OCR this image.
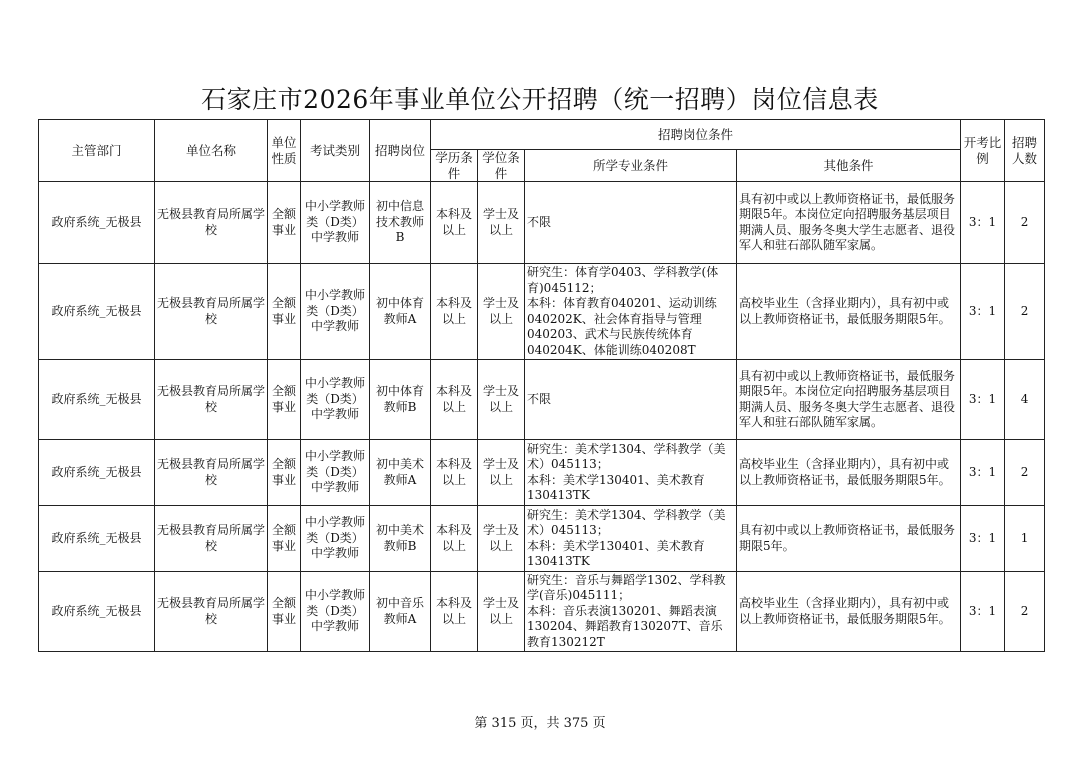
石家庄市2026年事业单位公开招聘（统一招聘）岗位信息表
主管部门	单位名称	单位性质	考试类别	招聘岗位	招聘岗位条件				开考比例	招聘人数
					学历条件	学位条件	所学专业条件	其他条件		
政府系统_无极县	无极县教育局所属学校	全额事业	中小学教师类（D类）中学教师	初中信息技术教师B	本科及以上	学士及以上	不限	具有初中或以上教师资格证书，最低服务期限5年。本岗位定向招聘服务基层项目期满人员、服务冬奥大学生志愿者、退役军人和驻石部队随军家属。	3：1	2
政府系统_无极县	无极县教育局所属学校	全额事业	中小学教师类（D类）中学教师	初中体育教师A	本科及以上	学士及以上	研究生：体育学0403、学科教学(体育)045112；
本科：体育教育040201、运动训练040202K、社会体育指导与管理040203、武术与民族传统体育040204K、体能训练040208T	高校毕业生（含择业期内），具有初中或以上教师资格证书，最低服务期限5年。	3：1	2
政府系统_无极县	无极县教育局所属学校	全额事业	中小学教师类（D类）中学教师	初中体育教师B	本科及以上	学士及以上	不限	具有初中或以上教师资格证书，最低服务期限5年。本岗位定向招聘服务基层项目期满人员、服务冬奥大学生志愿者、退役军人和驻石部队随军家属。	3：1	4
政府系统_无极县	无极县教育局所属学校	全额事业	中小学教师类（D类）中学教师	初中美术教师A	本科及以上	学士及以上	研究生：美术学1304、学科教学（美术）045113；
本科：美术学130401、美术教育130413TK	高校毕业生（含择业期内），具有初中或以上教师资格证书，最低服务期限5年。	3：1	2
政府系统_无极县	无极县教育局所属学校	全额事业	中小学教师类（D类）中学教师	初中美术教师B	本科及以上	学士及以上	研究生：美术学1304、学科教学（美术）045113；
本科：美术学130401、美术教育130413TK	具有初中或以上教师资格证书，最低服务期限5年。	3：1	1
政府系统_无极县	无极县教育局所属学校	全额事业	中小学教师类（D类）中学教师	初中音乐教师A	本科及以上	学士及以上	研究生：音乐与舞蹈学1302、学科教学(音乐)045111；
本科：音乐表演130201、舞蹈表演130204、舞蹈教育130207T、音乐教育130212T	高校毕业生（含择业期内），具有初中或以上教师资格证书，最低服务期限5年。	3：1	2
第 315 页，共 375 页
